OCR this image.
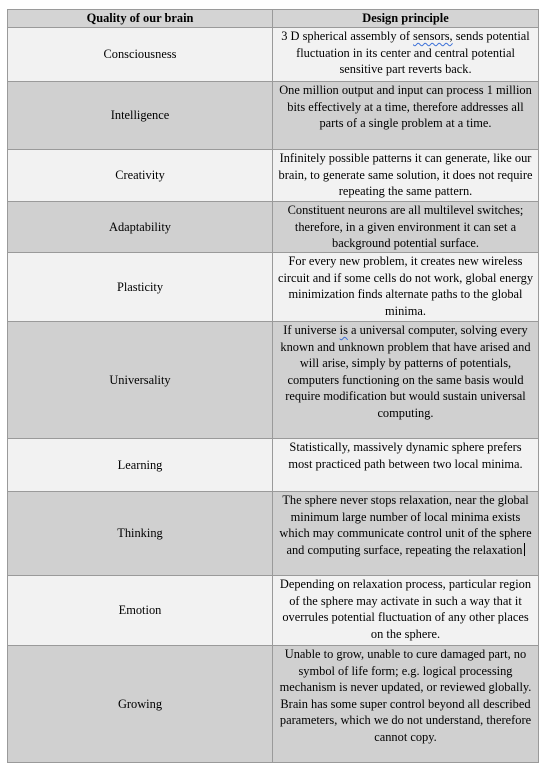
Quality of our brain	Design principle
Consciousness	3 D spherical assembly of sensors, sends potential fluctuation in its center and central potential sensitive part reverts back.
Intelligence	One million output and input can process 1 million bits effectively at a time, therefore addresses all parts of a single problem at a time.
Creativity	Infinitely possible patterns it can generate, like our brain, to generate same solution, it does not require repeating the same pattern.
Adaptability	Constituent neurons are all multilevel switches; therefore, in a given environment it can set a background potential surface.
Plasticity	For every new problem, it creates new wireless circuit and if some cells do not work, global energy minimization finds alternate paths to the global minima.
Universality	If universe is a universal computer, solving every known and unknown problem that have arised and will arise, simply by patterns of potentials, computers functioning on the same basis would require modification but would sustain universal computing.
Learning	Statistically, massively dynamic sphere prefers most practiced path between two local minima.
Thinking	The sphere never stops relaxation, near the global minimum large number of local minima exists which may communicate control unit of the sphere and computing surface, repeating the relaxation
Emotion	Depending on relaxation process, particular region of the sphere may activate in such a way that it overrules potential fluctuation of any other places on the sphere.
Growing	Unable to grow, unable to cure damaged part, no symbol of life form; e.g. logical processing mechanism is never updated, or reviewed globally. Brain has some super control beyond all described parameters, which we do not understand, therefore cannot copy.
